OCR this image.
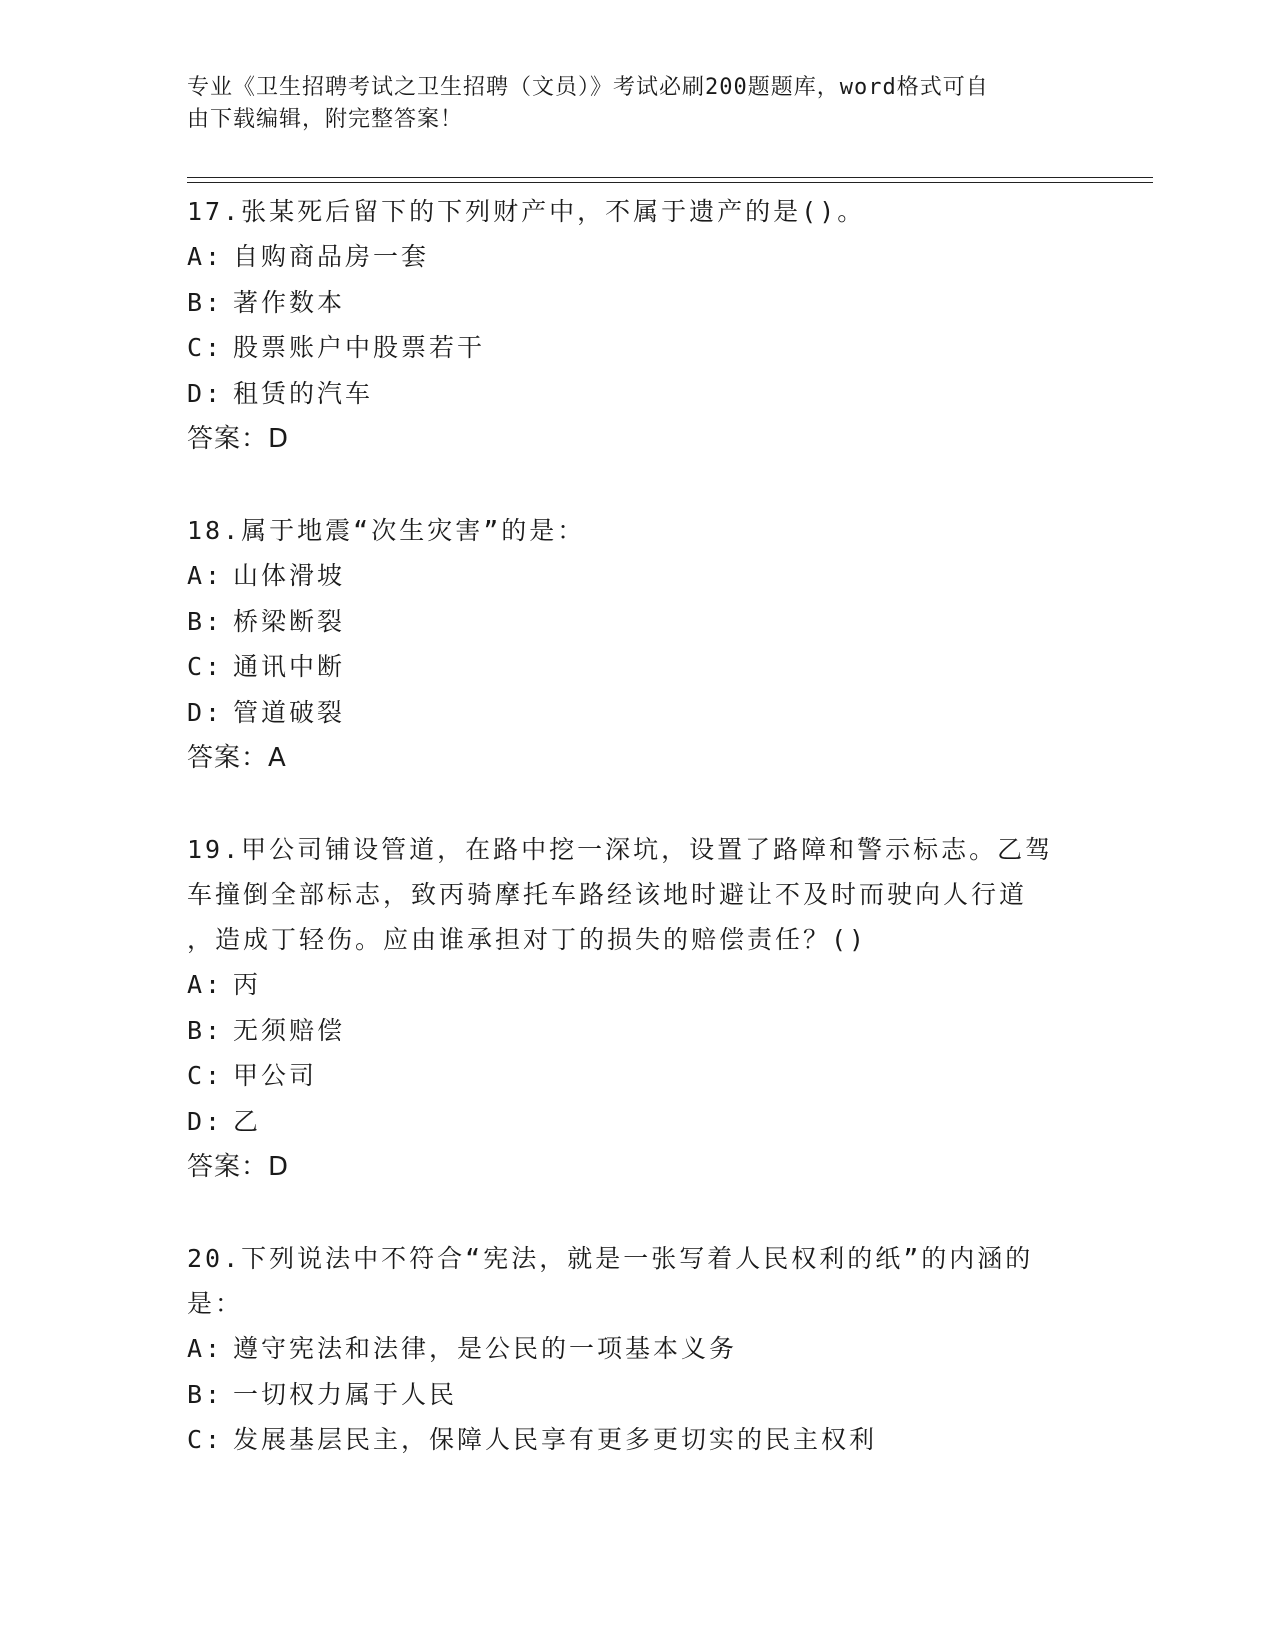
专业《卫生招聘考试之卫生招聘（文员）》考试必刷200题题库，word格式可自
由下载编辑，附完整答案！

17.张某死后留下的下列财产中，不属于遗产的是()。

A: 自购商品房一套

B: 著作数本

C: 股票账户中股票若干

D: 租赁的汽车

答案：D

18.属于地震“次生灾害”的是：

A: 山体滑坡

B: 桥梁断裂

C: 通讯中断

D: 管道破裂

答案：A

19.甲公司铺设管道，在路中挖一深坑，设置了路障和警示标志。乙驾

车撞倒全部标志，致丙骑摩托车路经该地时避让不及时而驶向人行道

，造成丁轻伤。应由谁承担对丁的损失的赔偿责任？()

A: 丙

B: 无须赔偿

C: 甲公司

D: 乙

答案：D

20.下列说法中不符合“宪法，就是一张写着人民权利的纸”的内涵的

是：

A: 遵守宪法和法律，是公民的一项基本义务

B: 一切权力属于人民

C: 发展基层民主，保障人民享有更多更切实的民主权利
